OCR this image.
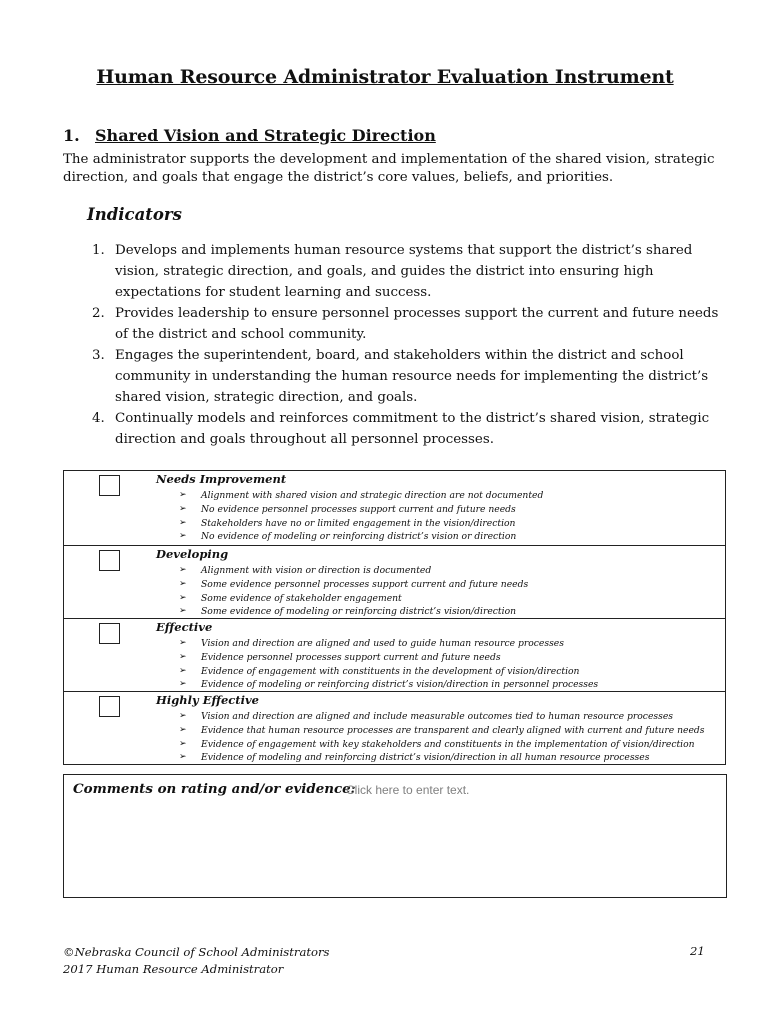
Human Resource Administrator Evaluation Instrument
1. Shared Vision and Strategic Direction
The administrator supports the development and implementation of the shared vision, strategic direction, and goals that engage the district’s core values, beliefs, and priorities.
Indicators
1. Develops and implements human resource systems that support the district’s shared vision, strategic direction, and goals, and guides the district into ensuring high expectations for student learning and success.
2. Provides leadership to ensure personnel processes support the current and future needs of the district and school community.
3. Engages the superintendent, board, and stakeholders within the district and school community in understanding the human resource needs for implementing the district’s shared vision, strategic direction, and goals.
4. Continually models and reinforces commitment to the district’s shared vision, strategic direction and goals throughout all personnel processes.
Needs Improvement
➢ Alignment with shared vision and strategic direction are not documented
➢ No evidence personnel processes support current and future needs
➢ Stakeholders have no or limited engagement in the vision/direction
➢ No evidence of modeling or reinforcing district’s vision or direction
Developing
➢ Alignment with vision or direction is documented
➢ Some evidence personnel processes support current and future needs
➢ Some evidence of stakeholder engagement
➢ Some evidence of modeling or reinforcing district’s vision/direction
Effective
➢ Vision and direction are aligned and used to guide human resource processes
➢ Evidence personnel processes support current and future needs
➢ Evidence of engagement with constituents in the development of vision/direction
➢ Evidence of modeling or reinforcing district’s vision/direction in personnel processes
Highly Effective
➢ Vision and direction are aligned and include measurable outcomes tied to human resource processes
➢ Evidence that human resource processes are transparent and clearly aligned with current and future needs
➢ Evidence of engagement with key stakeholders and constituents in the implementation of vision/direction
➢ Evidence of modeling and reinforcing district’s vision/direction in all human resource processes
Comments on rating and/or evidence:
Click here to enter text.
©Nebraska Council of School Administrators
2017 Human Resource Administrator
21
